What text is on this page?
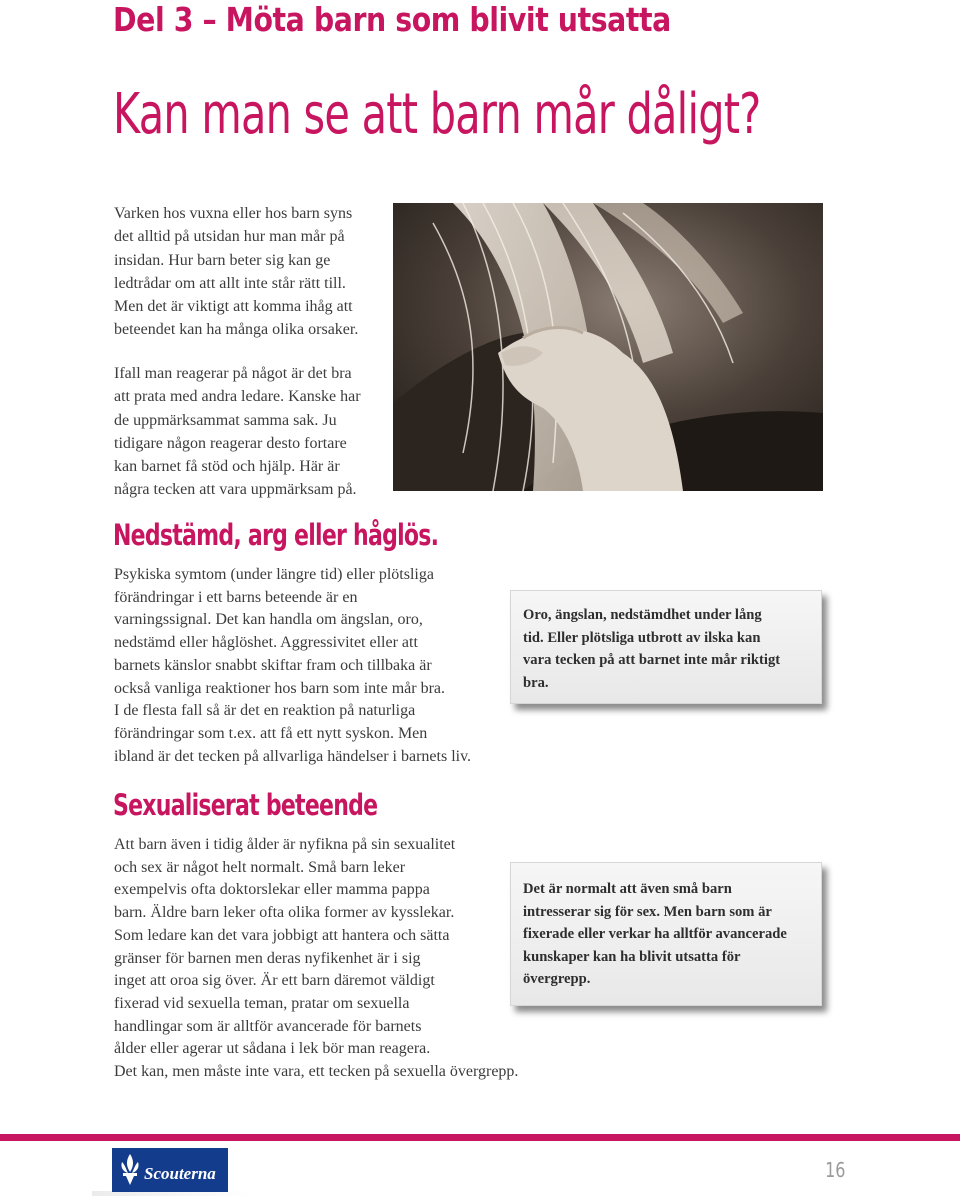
Del 3 – Möta barn som blivit utsatta
Kan man se att barn mår dåligt?

Varken hos vuxna eller hos barn syns
det alltid på utsidan hur man mår på
insidan. Hur barn beter sig kan ge
ledtrådar om att allt inte står rätt till.
Men det är viktigt att komma ihåg att
beteendet kan ha många olika orsaker.

Ifall man reagerar på något är det bra
att prata med andra ledare. Kanske har
de uppmärksammat samma sak. Ju
tidigare någon reagerar desto fortare
kan barnet få stöd och hjälp. Här är
några tecken att vara uppmärksam på.

Nedstämd, arg eller håglös.

Psykiska symtom (under längre tid) eller plötsliga
förändringar i ett barns beteende är en
varningssignal. Det kan handla om ängslan, oro,
nedstämd eller håglöshet. Aggressivitet eller att
barnets känslor snabbt skiftar fram och tillbaka är
också vanliga reaktioner hos barn som inte mår bra.
I de flesta fall så är det en reaktion på naturliga
förändringar som t.ex. att få ett nytt syskon. Men
ibland är det tecken på allvarliga händelser i barnets liv.

Oro, ängslan, nedstämdhet under lång
tid. Eller plötsliga utbrott av ilska kan
vara tecken på att barnet inte mår riktigt
bra.
Sexualiserat beteende

Att barn även i tidig ålder är nyfikna på sin sexualitet
och sex är något helt normalt. Små barn leker
exempelvis ofta doktorslekar eller mamma pappa
barn. Äldre barn leker ofta olika former av kysslekar.
Som ledare kan det vara jobbigt att hantera och sätta
gränser för barnen men deras nyfikenhet är i sig
inget att oroa sig över. Är ett barn däremot väldigt
fixerad vid sexuella teman, pratar om sexuella
handlingar som är alltför avancerade för barnets
ålder eller agerar ut sådana i lek bör man reagera.
Det kan, men måste inte vara, ett tecken på sexuella övergrepp.

Det är normalt att även små barn
intresserar sig för sex. Men barn som är
fixerade eller verkar ha alltför avancerade
kunskaper kan ha blivit utsatta för
övergrepp.
Scouterna	16
